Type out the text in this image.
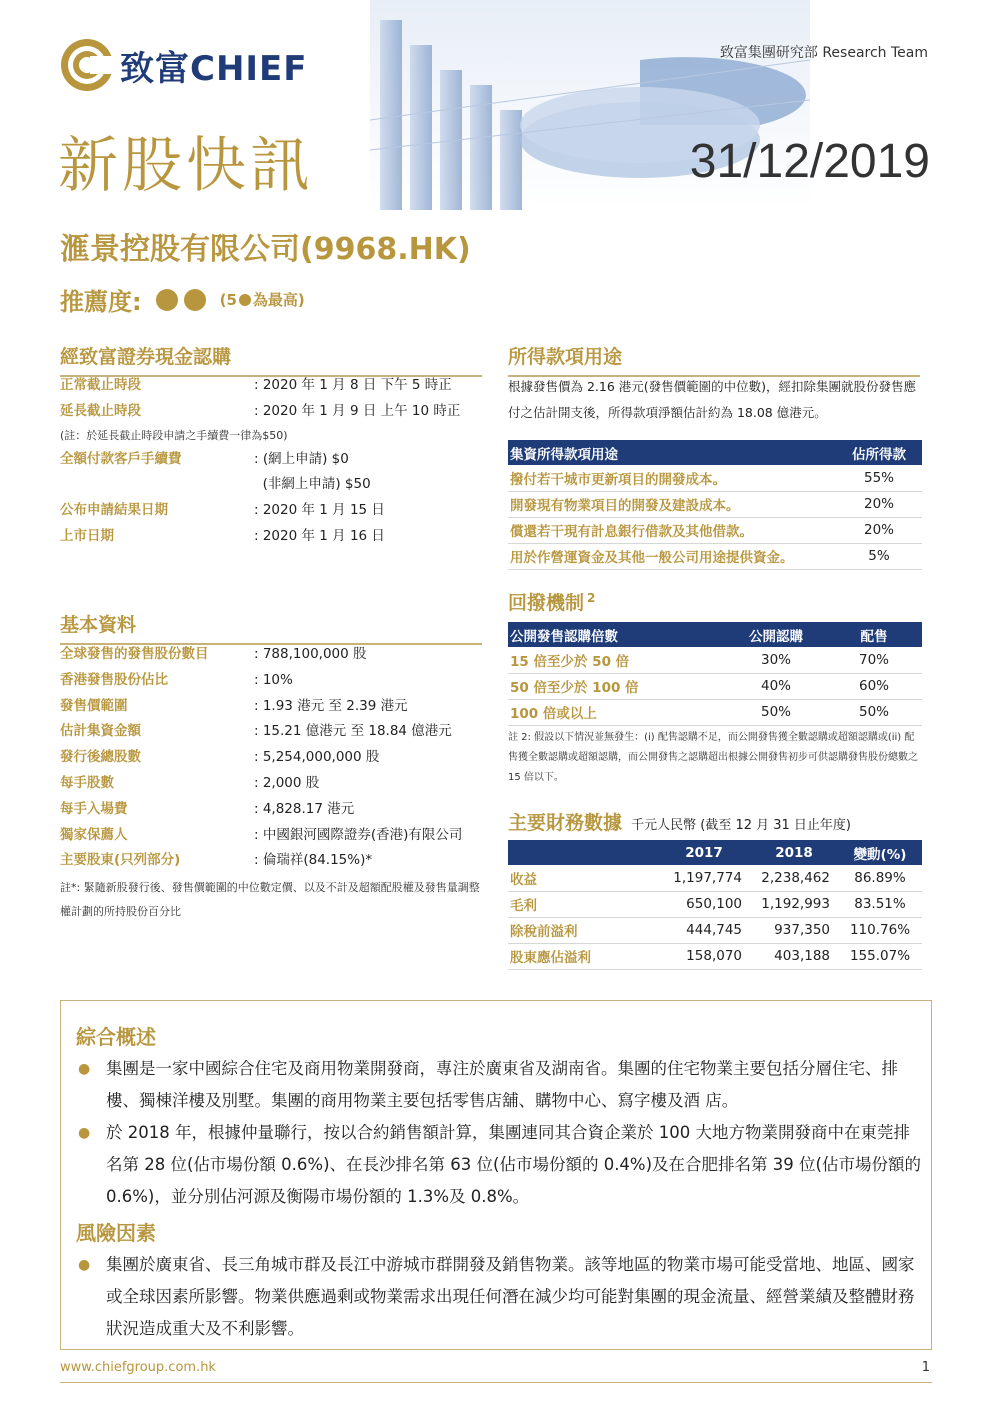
致富CHIEF	致富集團研究部 Research Team
新股快訊	31/12/2019
滙景控股有限公司(9968.HK)
推薦度:	(5 為最高)
經致富證券現金認購
正常截止時段	: 2020 年 1 月 8 日 下午 5 時正
延長截止時段	: 2020 年 1 月 9 日 上午 10 時正
(註：於延長截止時段申請之手續費一律為$50)
全額付款客戶手續費	: (網上申請) $0
(非網上申請) $50
公布申請結果日期	: 2020 年 1 月 15 日
上市日期	: 2020 年 1 月 16 日
基本資料
全球發售的發售股份數目	: 788,100,000 股
香港發售股份佔比	: 10%
發售價範圍	: 1.93 港元 至 2.39 港元
估計集資金額	: 15.21 億港元 至 18.84 億港元
發行後總股數	: 5,254,000,000 股
每手股數	: 2,000 股
每手入場費	: 4,828.17 港元
獨家保薦人	: 中國銀河國際證券(香港)有限公司
主要股東(只列部分)	: 倫瑞祥(84.15%)*
註*: 緊隨新股發行後、發售價範圍的中位數定價、以及不計及超額配股權及發售量調整權計劃的所持股份百分比
所得款項用途
根據發售價為 2.16 港元(發售價範圍的中位數)，經扣除集團就股份發售應付之估計開支後，所得款項淨額估計約為 18.08 億港元。
集資所得款項用途	佔所得款
撥付若干城市更新項目的開發成本。	55%
開發現有物業項目的開發及建設成本。	20%
償還若干現有計息銀行借款及其他借款。	20%
用於作營運資金及其他一般公司用途提供資金。	5%
回撥機制 $^2$
公開發售認購倍數	公開認購	配售
15 倍至少於 50 倍	30%	70%
50 倍至少於 100 倍	40%	60%
100 倍或以上	50%	50%
註 2: 假設以下情況並無發生：(i) 配售認購不足，而公開發售獲全數認購或超額認購或(ii) 配售獲全數認購或超額認購，而公開發售之認購超出根據公開發售初步可供認購發售股份總數之 15 倍以下。
主要財務數據 千元人民幣 (截至 12 月 31 日止年度)
	2017	2018	變動(%)
收益	1,197,774	2,238,462	86.89%
毛利	650,100	1,192,993	83.51%
除稅前溢利	444,745	937,350	110.76%
股東應佔溢利	158,070	403,188	155.07%
綜合概述
● 集團是一家中國綜合住宅及商用物業開發商，專注於廣東省及湖南省。集團的住宅物業主要包括分層住宅、排樓、獨棟洋樓及別墅。集團的商用物業主要包括零售店舖、購物中心、寫字樓及酒 店。
● 於 2018 年，根據仲量聯行，按以合約銷售額計算，集團連同其合資企業於 100 大地方物業開發商中在東莞排名第 28 位(佔市場份額 0.6%)、在長沙排名第 63 位(佔市場份額的 0.4%)及在合肥排名第 39 位(佔市場份額的 0.6%)，並分別佔河源及衡陽市場份額的 1.3%及 0.8%。
風險因素
● 集團於廣東省、長三角城市群及長江中游城市群開發及銷售物業。該等地區的物業市場可能受當地、地區、國家或全球因素所影響。物業供應過剩或物業需求出現任何潛在減少均可能對集團的現金流量、經營業績及整體財務狀況造成重大及不利影響。
www.chiefgroup.com.hk	1
